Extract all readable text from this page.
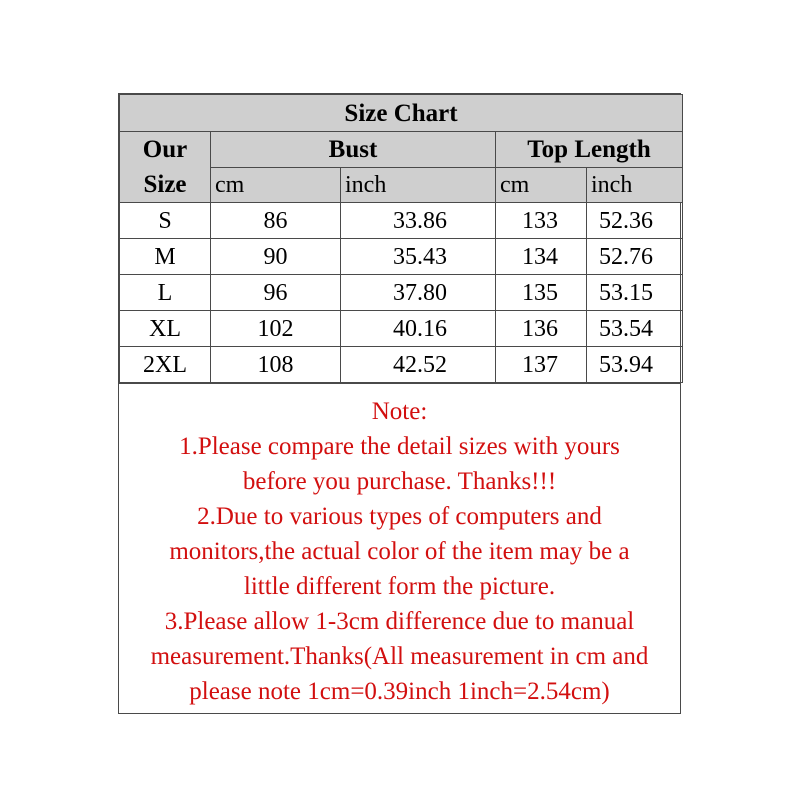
Size Chart				
Our
Size	Bust		Top Length	
	cm	inch	cm	inch
S	86	33.86	133	52.36
M	90	35.43	134	52.76
L	96	37.80	135	53.15
XL	102	40.16	136	53.54
2XL	108	42.52	137	53.94
Note:
1.Please compare the detail sizes with yours
before you purchase. Thanks!!!
2.Due to various types of computers and
monitors,the actual color of the item may be a
little different form the picture.
3.Please allow 1-3cm difference due to manual
measurement.Thanks(All measurement in cm and
please note 1cm=0.39inch 1inch=2.54cm)
